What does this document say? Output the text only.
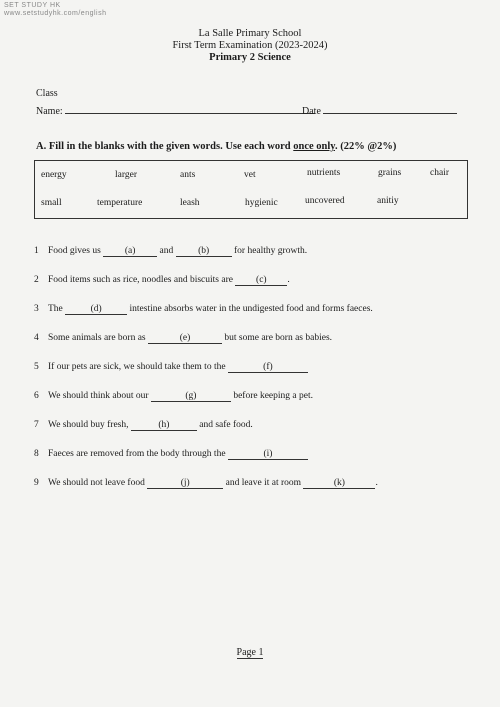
SET STUDY HK
www.setstudyhk.com/english
La Salle Primary School
First Term Examination (2023-2024)
Primary 2 Science
Class
Name:	Date
A. Fill in the blanks with the given words. Use each word once only. (22% @2%)
energy	larger	ants	vet	nutrients	grains	chair
small	temperature	leash	hygienic	uncovered	anitiy
1 Food gives us (a) and (b) for healthy growth.
2 Food items such as rice, noodles and biscuits are (c) .
3 The	(d)	intestine absorbs water in the undigested food and forms faeces.
4 Some animals are born as	(e)	but some are born as babies.
5 If our pets are sick, we should take them to the	(f)
6 We should think about our	(g)	before keeping a pet.
7 We should buy fresh,	(h)	and safe food.
8 Faeces are removed from the body through the	(i)
9 We should not leave food	(j)	and leave it at room	(k)	.
Page 1
